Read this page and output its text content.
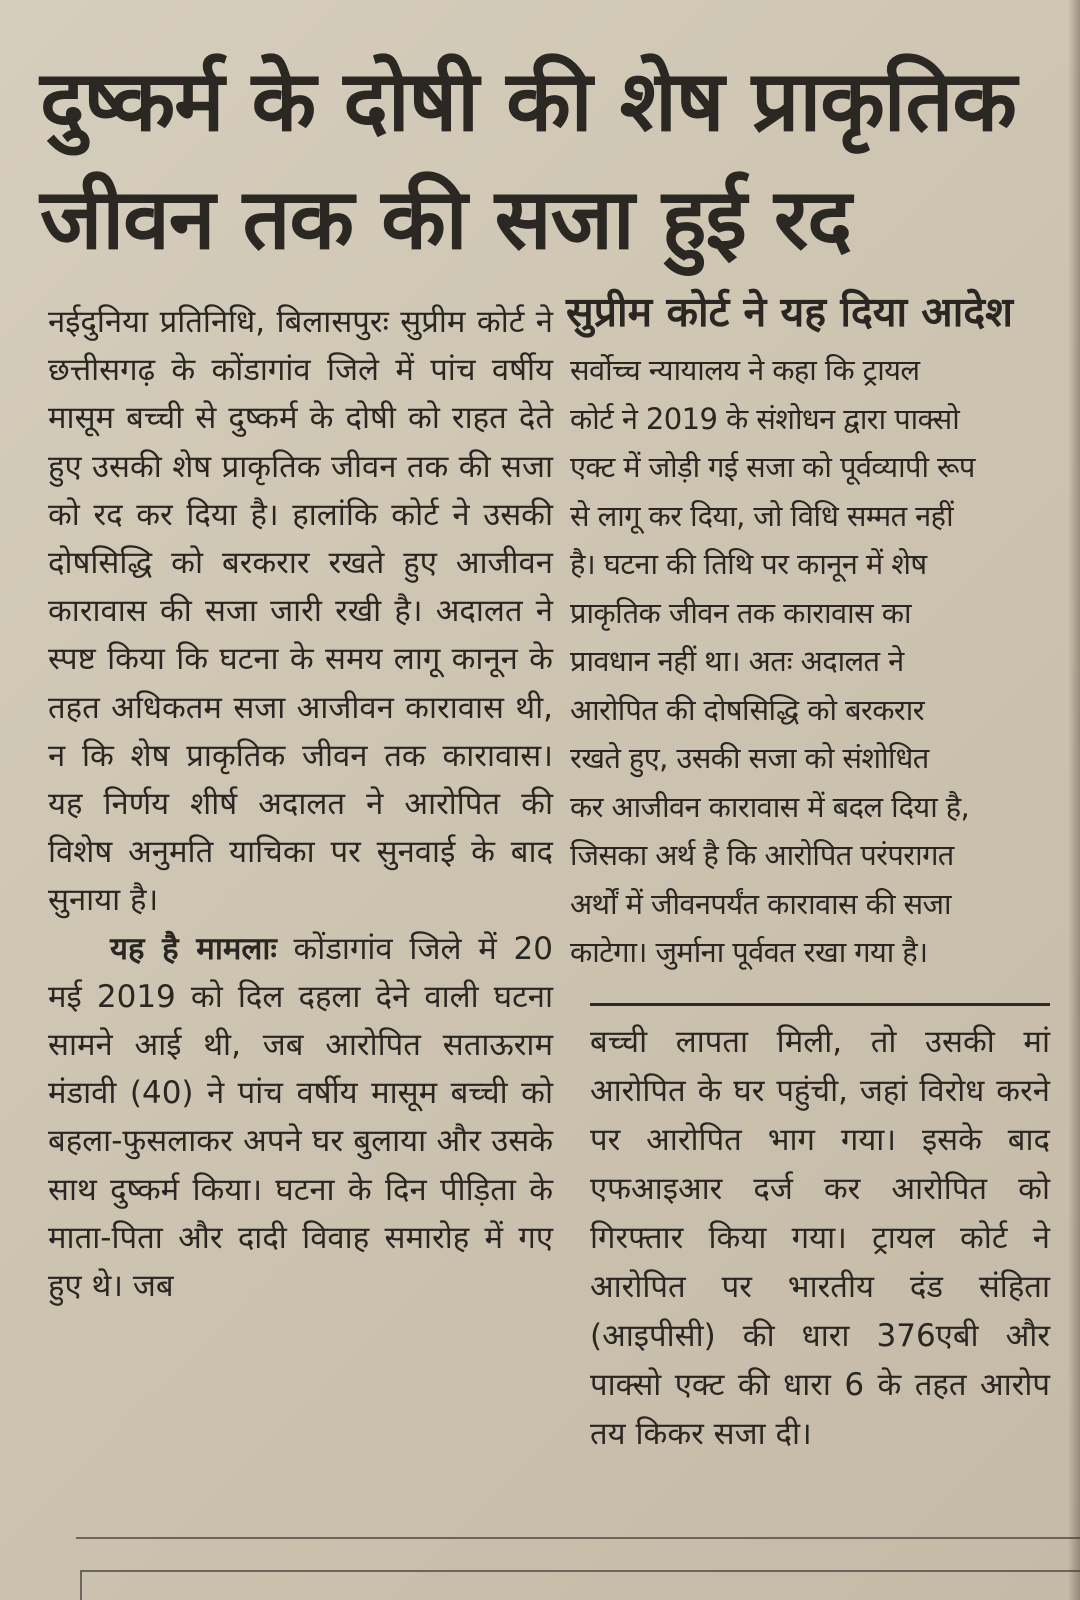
दुष्कर्म के दोषी की शेष प्राकृतिक
जीवन तक की सजा हुई रद

नईदुनिया प्रतिनिधि, बिलासपुरः सुप्रीम कोर्ट ने छत्तीसगढ़ के कोंडागांव जिले में पांच वर्षीय मासूम बच्ची से दुष्कर्म के दोषी को राहत देते हुए उसकी शेष प्राकृतिक जीवन तक की सजा को रद कर दिया है। हालांकि कोर्ट ने उसकी दोषसिद्धि को बरकरार रखते हुए आजीवन कारावास की सजा जारी रखी है। अदालत ने स्पष्ट किया कि घटना के समय लागू कानून के तहत अधिकतम सजा आजीवन कारावास थी, न कि शेष प्राकृतिक जीवन तक कारावास। यह निर्णय शीर्ष अदालत ने आरोपित की विशेष अनुमति याचिका पर सुनवाई के बाद सुनाया है।

यह है मामलाः कोंडागांव जिले में 20 मई 2019 को दिल दहला देने वाली घटना सामने आई थी, जब आरोपित सताऊराम मंडावी (40) ने पांच वर्षीय मासूम बच्ची को बहला-फुसलाकर अपने घर बुलाया और उसके साथ दुष्कर्म किया। घटना के दिन पीड़िता के माता-पिता और दादी विवाह समारोह में गए हुए थे। जब

सुप्रीम कोर्ट ने यह दिया आदेश
सर्वोच्च न्यायालय ने कहा कि ट्रायल
कोर्ट ने 2019 के संशोधन द्वारा पाक्सो
एक्ट में जोड़ी गई सजा को पूर्वव्यापी रूप
से लागू कर दिया, जो विधि सम्मत नहीं
है। घटना की तिथि पर कानून में शेष
प्राकृतिक जीवन तक कारावास का
प्रावधान नहीं था। अतः अदालत ने
आरोपित की दोषसिद्धि को बरकरार
रखते हुए, उसकी सजा को संशोधित
कर आजीवन कारावास में बदल दिया है,
जिसका अर्थ है कि आरोपित परंपरागत
अर्थों में जीवनपर्यंत कारावास की सजा
काटेगा। जुर्माना पूर्ववत रखा गया है।

बच्ची लापता मिली, तो उसकी मां आरोपित के घर पहुंची, जहां विरोध करने पर आरोपित भाग गया। इसके बाद एफआइआर दर्ज कर आरोपित को गिरफ्तार किया गया। ट्रायल कोर्ट ने आरोपित पर भारतीय दंड संहिता (आइपीसी) की धारा 376एबी और पाक्सो एक्ट की धारा 6 के तहत आरोप तय किकर सजा दी।
